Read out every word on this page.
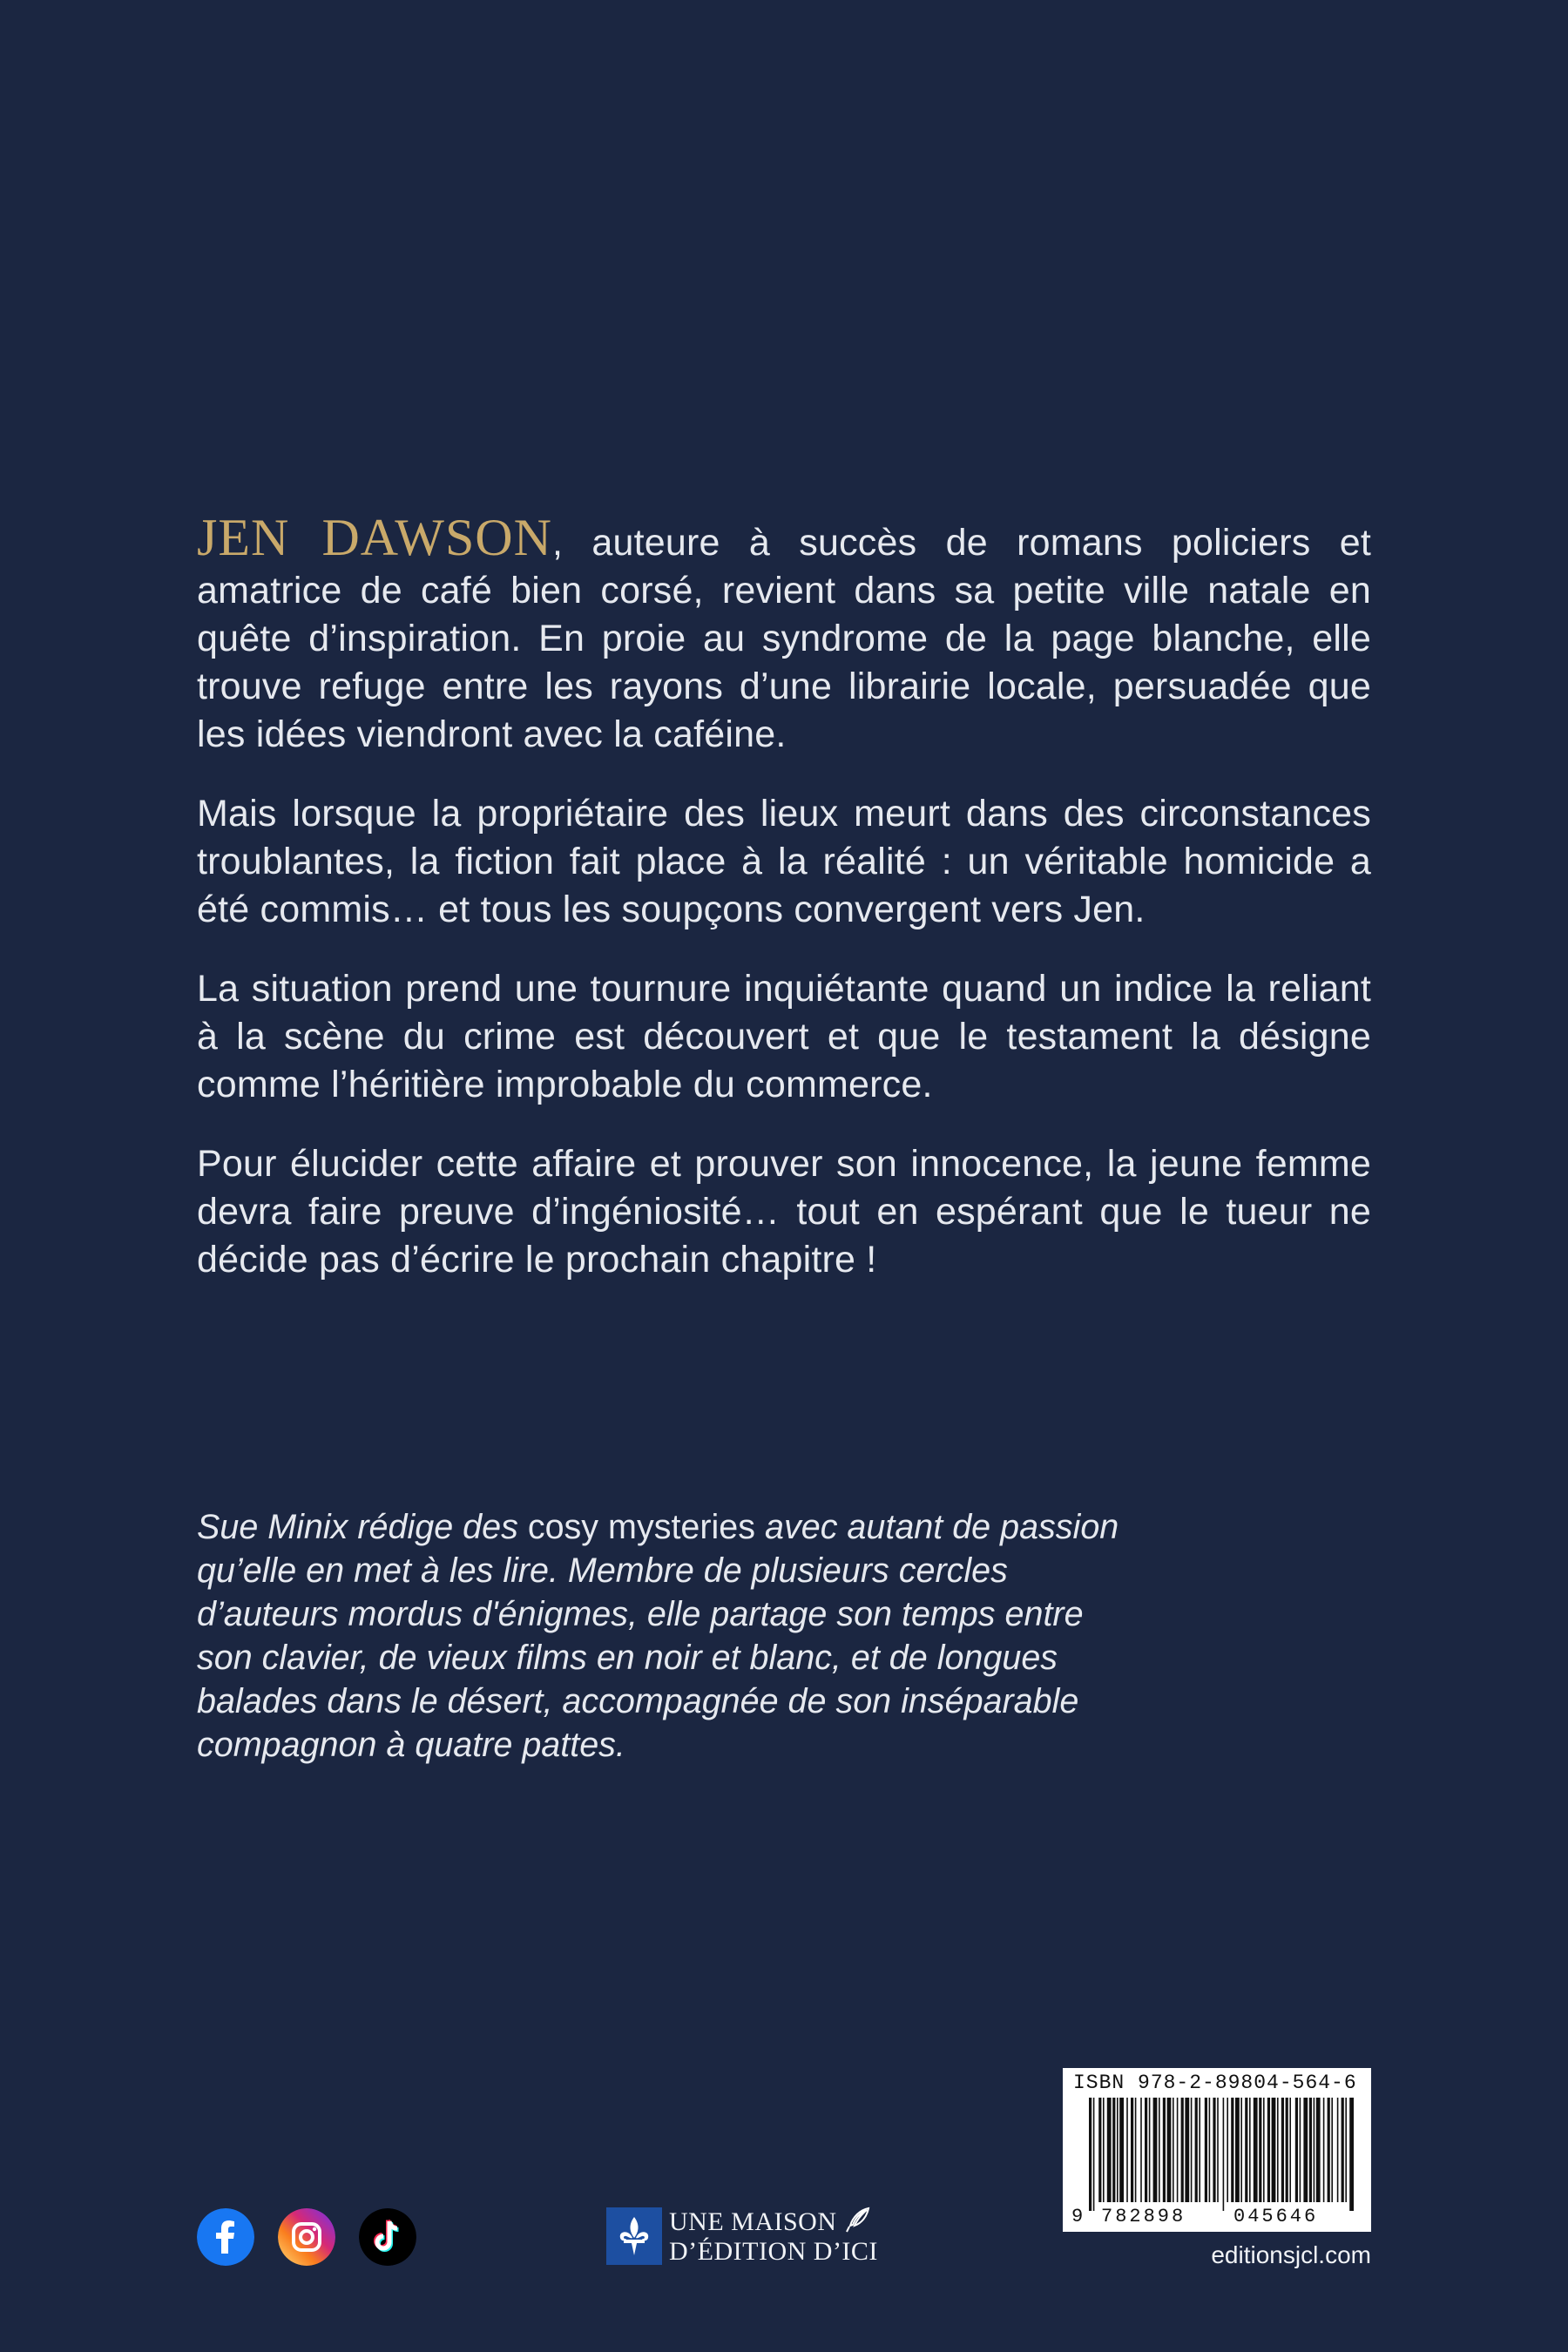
JEN DAWSON, auteure à succès de romans policiers et amatrice de café bien corsé, revient dans sa petite ville natale en quête d’inspiration. En proie au syndrome de la page blanche, elle trouve refuge entre les rayons d’une librairie locale, persuadée que les idées viendront avec la caféine.

Mais lorsque la propriétaire des lieux meurt dans des circonstances troublantes, la fiction fait place à la réalité : un véritable homicide a été commis… et tous les soupçons convergent vers Jen.

La situation prend une tournure inquiétante quand un indice la reliant à la scène du crime est découvert et que le testament la désigne comme l’héritière improbable du commerce.

Pour élucider cette affaire et prouver son innocence, la jeune femme devra faire preuve d’ingéniosité… tout en espérant que le tueur ne décide pas d’écrire le prochain chapitre !

Sue Minix rédige des cosy mysteries avec autant de passion qu’elle en met à les lire. Membre de plusieurs cercles d’auteurs mordus d'énigmes, elle partage son temps entre son clavier, de vieux films en noir et blanc, et de longues balades dans le désert, accompagnée de son inséparable compagnon à quatre pattes.
UNE MAISON
D’ÉDITION D’ICI
ISBN 978-2-89804-564-6
9 782898 045646
editionsjcl.com
